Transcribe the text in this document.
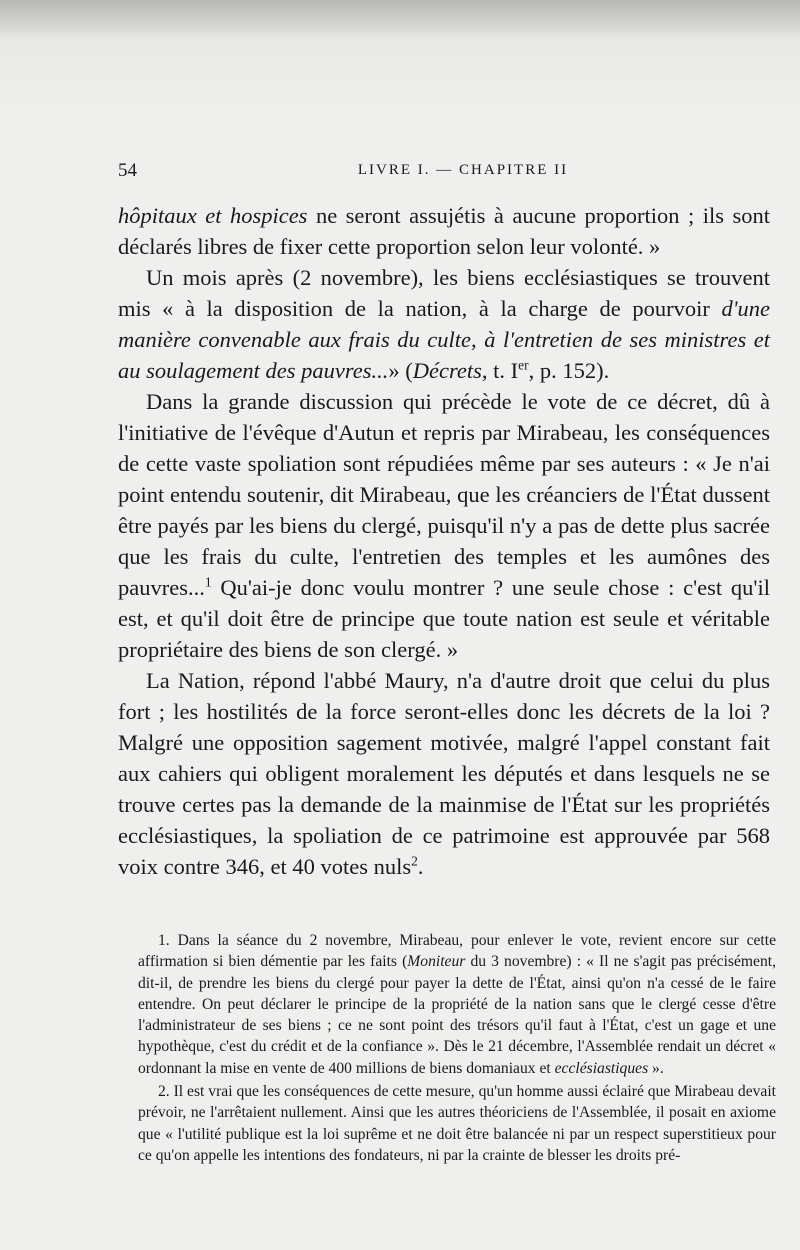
54	LIVRE I. — CHAPITRE II

hôpitaux et hospices ne seront assujétis à aucune proportion ; ils sont déclarés libres de fixer cette proportion selon leur volonté. »

Un mois après (2 novembre), les biens ecclésiastiques se trouvent mis « à la disposition de la nation, à la charge de pourvoir d'une manière convenable aux frais du culte, à l'entretien de ses ministres et au soulagement des pauvres...» (Décrets, t. Ier, p. 152).

Dans la grande discussion qui précède le vote de ce décret, dû à l'initiative de l'évêque d'Autun et repris par Mirabeau, les conséquences de cette vaste spoliation sont répudiées même par ses auteurs : « Je n'ai point entendu soutenir, dit Mirabeau, que les créanciers de l'État dussent être payés par les biens du clergé, puisqu'il n'y a pas de dette plus sacrée que les frais du culte, l'entretien des temples et les aumônes des pauvres...$^1$ Qu'ai-je donc voulu montrer ? une seule chose : c'est qu'il est, et qu'il doit être de principe que toute nation est seule et véritable propriétaire des biens de son clergé. »

La Nation, répond l'abbé Maury, n'a d'autre droit que celui du plus fort ; les hostilités de la force seront-elles donc les décrets de la loi ? Malgré une opposition sagement motivée, malgré l'appel constant fait aux cahiers qui obligent moralement les députés et dans lesquels ne se trouve certes pas la demande de la mainmise de l'État sur les propriétés ecclésiastiques, la spoliation de ce patrimoine est approuvée par 568 voix contre 346, et 40 votes nuls$^2$.

1. Dans la séance du 2 novembre, Mirabeau, pour enlever le vote, revient encore sur cette affirmation si bien démentie par les faits (Moniteur du 3 novembre) : « Il ne s'agit pas précisément, dit-il, de prendre les biens du clergé pour payer la dette de l'État, ainsi qu'on n'a cessé de le faire entendre. On peut déclarer le principe de la propriété de la nation sans que le clergé cesse d'être l'administrateur de ses biens ; ce ne sont point des trésors qu'il faut à l'État, c'est un gage et une hypothèque, c'est du crédit et de la confiance ». Dès le 21 décembre, l'Assemblée rendait un décret « ordonnant la mise en vente de 400 millions de biens domaniaux et ecclésiastiques ».

2. Il est vrai que les conséquences de cette mesure, qu'un homme aussi éclairé que Mirabeau devait prévoir, ne l'arrêtaient nullement. Ainsi que les autres théoriciens de l'Assemblée, il posait en axiome que « l'utilité publique est la loi suprême et ne doit être balancée ni par un respect superstitieux pour ce qu'on appelle les intentions des fondateurs, ni par la crainte de blesser les droits pré-
